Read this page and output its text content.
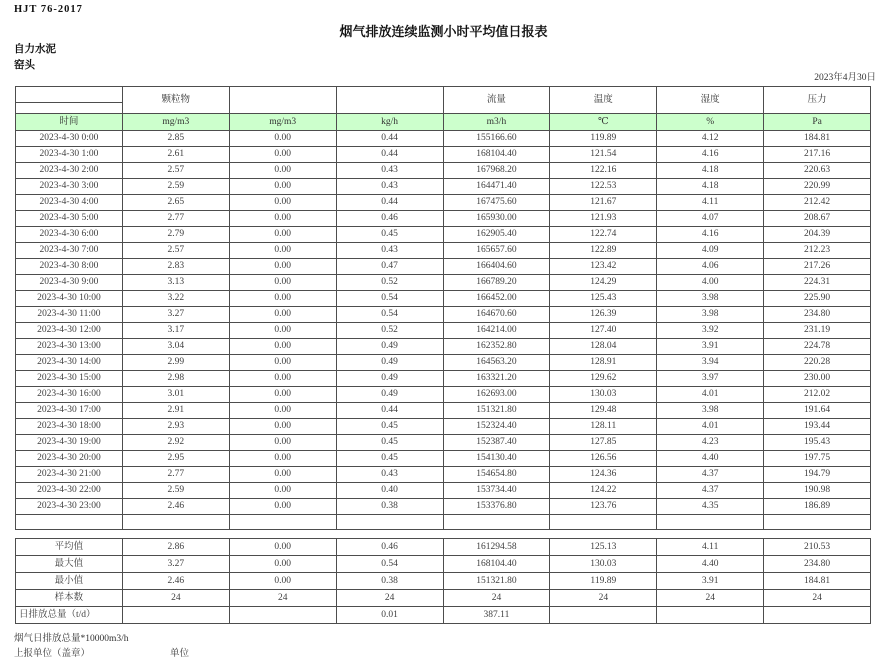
HJT 76-2017
烟气排放连续监测小时平均值日报表
自力水泥
窑头
2023年4月30日
	颗粒物			流量	温度	湿度	压力
时间	mg/m3	mg/m3	kg/h	m3/h	℃	%	Pa
2023-4-30 0:00	2.85	0.00	0.44	155166.60	119.89	4.12	184.81
2023-4-30 1:00	2.61	0.00	0.44	168104.40	121.54	4.16	217.16
2023-4-30 2:00	2.57	0.00	0.43	167968.20	122.16	4.18	220.63
2023-4-30 3:00	2.59	0.00	0.43	164471.40	122.53	4.18	220.99
2023-4-30 4:00	2.65	0.00	0.44	167475.60	121.67	4.11	212.42
2023-4-30 5:00	2.77	0.00	0.46	165930.00	121.93	4.07	208.67
2023-4-30 6:00	2.79	0.00	0.45	162905.40	122.74	4.16	204.39
2023-4-30 7:00	2.57	0.00	0.43	165657.60	122.89	4.09	212.23
2023-4-30 8:00	2.83	0.00	0.47	166404.60	123.42	4.06	217.26
2023-4-30 9:00	3.13	0.00	0.52	166789.20	124.29	4.00	224.31
2023-4-30 10:00	3.22	0.00	0.54	166452.00	125.43	3.98	225.90
2023-4-30 11:00	3.27	0.00	0.54	164670.60	126.39	3.98	234.80
2023-4-30 12:00	3.17	0.00	0.52	164214.00	127.40	3.92	231.19
2023-4-30 13:00	3.04	0.00	0.49	162352.80	128.04	3.91	224.78
2023-4-30 14:00	2.99	0.00	0.49	164563.20	128.91	3.94	220.28
2023-4-30 15:00	2.98	0.00	0.49	163321.20	129.62	3.97	230.00
2023-4-30 16:00	3.01	0.00	0.49	162693.00	130.03	4.01	212.02
2023-4-30 17:00	2.91	0.00	0.44	151321.80	129.48	3.98	191.64
2023-4-30 18:00	2.93	0.00	0.45	152324.40	128.11	4.01	193.44
2023-4-30 19:00	2.92	0.00	0.45	152387.40	127.85	4.23	195.43
2023-4-30 20:00	2.95	0.00	0.45	154130.40	126.56	4.40	197.75
2023-4-30 21:00	2.77	0.00	0.43	154654.80	124.36	4.37	194.79
2023-4-30 22:00	2.59	0.00	0.40	153734.40	124.22	4.37	190.98
2023-4-30 23:00	2.46	0.00	0.38	153376.80	123.76	4.35	186.89

平均值	2.86	0.00	0.46	161294.58	125.13	4.11	210.53
最大值	3.27	0.00	0.54	168104.40	130.03	4.40	234.80
最小值	2.46	0.00	0.38	151321.80	119.89	3.91	184.81
样本数	24	24	24	24	24	24	24
日排放总量（t/d）			0.01	387.11			
烟气日排放总量*10000m3/h
上报单位（盖章）	单位
